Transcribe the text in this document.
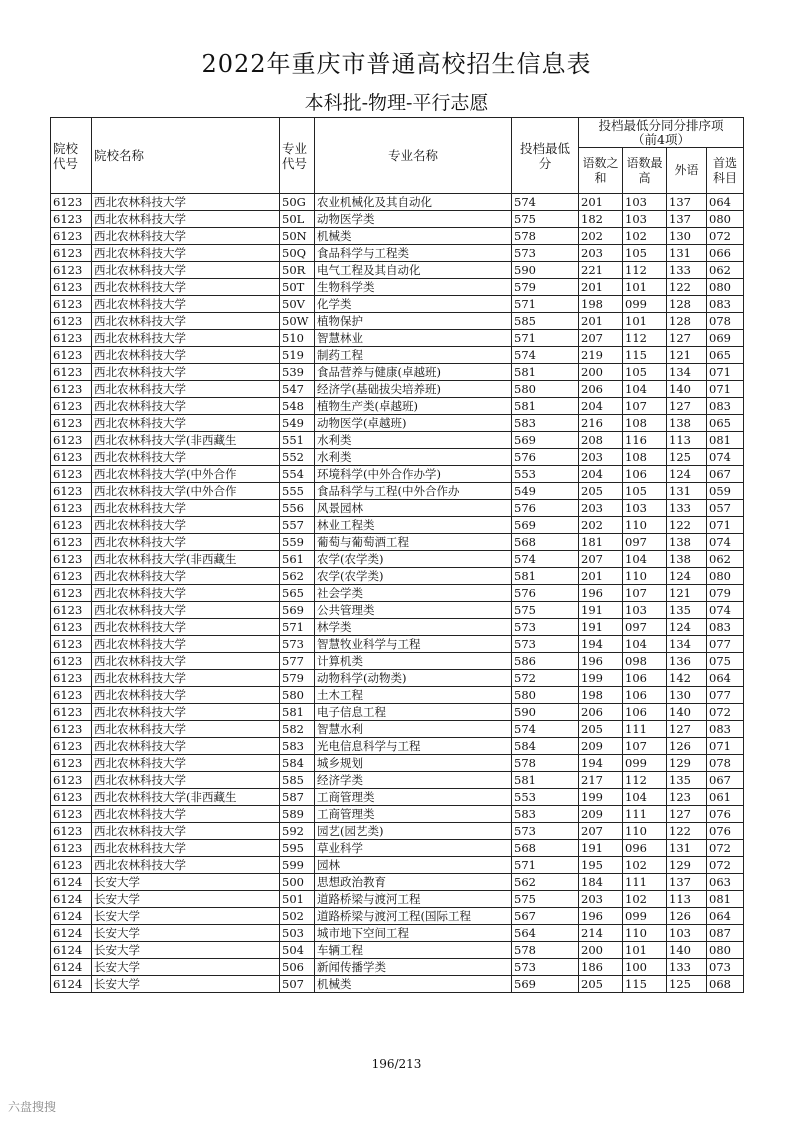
2022年重庆市普通高校招生信息表
本科批-物理-平行志愿
院校代号	院校名称	专业代号	专业名称	投档最低分	投档最低分同分排序项
（前4项）			

					语数之和	语数最高	外语	首选科目
6123	西北农林科技大学	50G	农业机械化及其自动化	574	201	103	137	064
6123	西北农林科技大学	50L	动物医学类	575	182	103	137	080
6123	西北农林科技大学	50N	机械类	578	202	102	130	072
6123	西北农林科技大学	50Q	食品科学与工程类	573	203	105	131	066
6123	西北农林科技大学	50R	电气工程及其自动化	590	221	112	133	062
6123	西北农林科技大学	50T	生物科学类	579	201	101	122	080
6123	西北农林科技大学	50V	化学类	571	198	099	128	083
6123	西北农林科技大学	50W	植物保护	585	201	101	128	078
6123	西北农林科技大学	510	智慧林业	571	207	112	127	069
6123	西北农林科技大学	519	制药工程	574	219	115	121	065
6123	西北农林科技大学	539	食品营养与健康(卓越班)	581	200	105	134	071
6123	西北农林科技大学	547	经济学(基础拔尖培养班)	580	206	104	140	071
6123	西北农林科技大学	548	植物生产类(卓越班)	581	204	107	127	083
6123	西北农林科技大学	549	动物医学(卓越班)	583	216	108	138	065
6123	西北农林科技大学(非西藏生	551	水利类	569	208	116	113	081
6123	西北农林科技大学	552	水利类	576	203	108	125	074
6123	西北农林科技大学(中外合作	554	环境科学(中外合作办学)	553	204	106	124	067
6123	西北农林科技大学(中外合作	555	食品科学与工程(中外合作办	549	205	105	131	059
6123	西北农林科技大学	556	风景园林	576	203	103	133	057
6123	西北农林科技大学	557	林业工程类	569	202	110	122	071
6123	西北农林科技大学	559	葡萄与葡萄酒工程	568	181	097	138	074
6123	西北农林科技大学(非西藏生	561	农学(农学类)	574	207	104	138	062
6123	西北农林科技大学	562	农学(农学类)	581	201	110	124	080
6123	西北农林科技大学	565	社会学类	576	196	107	121	079
6123	西北农林科技大学	569	公共管理类	575	191	103	135	074
6123	西北农林科技大学	571	林学类	573	191	097	124	083
6123	西北农林科技大学	573	智慧牧业科学与工程	573	194	104	134	077
6123	西北农林科技大学	577	计算机类	586	196	098	136	075
6123	西北农林科技大学	579	动物科学(动物类)	572	199	106	142	064
6123	西北农林科技大学	580	土木工程	580	198	106	130	077
6123	西北农林科技大学	581	电子信息工程	590	206	106	140	072
6123	西北农林科技大学	582	智慧水利	574	205	111	127	083
6123	西北农林科技大学	583	光电信息科学与工程	584	209	107	126	071
6123	西北农林科技大学	584	城乡规划	578	194	099	129	078
6123	西北农林科技大学	585	经济学类	581	217	112	135	067
6123	西北农林科技大学(非西藏生	587	工商管理类	553	199	104	123	061
6123	西北农林科技大学	589	工商管理类	583	209	111	127	076
6123	西北农林科技大学	592	园艺(园艺类)	573	207	110	122	076
6123	西北农林科技大学	595	草业科学	568	191	096	131	072
6123	西北农林科技大学	599	园林	571	195	102	129	072
6124	长安大学	500	思想政治教育	562	184	111	137	063
6124	长安大学	501	道路桥梁与渡河工程	575	203	102	113	081
6124	长安大学	502	道路桥梁与渡河工程(国际工程	567	196	099	126	064
6124	长安大学	503	城市地下空间工程	564	214	110	103	087
6124	长安大学	504	车辆工程	578	200	101	140	080
6124	长安大学	506	新闻传播学类	573	186	100	133	073
6124	长安大学	507	机械类	569	205	115	125	068
196/213
六盘搜搜
